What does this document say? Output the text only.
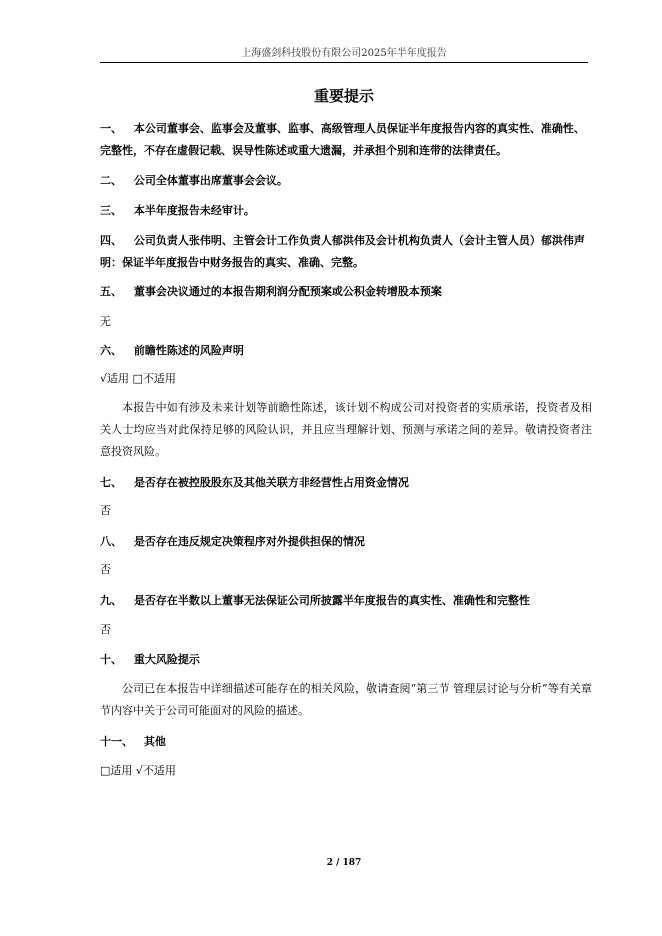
上海盛剑科技股份有限公司2025年半年度报告
重要提示
一、 本公司董事会、监事会及董事、监事、高级管理人员保证半年度报告内容的真实性、准确性、完整性，不存在虚假记载、误导性陈述或重大遗漏，并承担个别和连带的法律责任。
二、 公司全体董事出席董事会会议。
三、 本半年度报告未经审计。
四、 公司负责人张伟明、主管会计工作负责人郁洪伟及会计机构负责人（会计主管人员）郁洪伟声明：保证半年度报告中财务报告的真实、准确、完整。
五、 董事会决议通过的本报告期利润分配预案或公积金转增股本预案
无
六、 前瞻性陈述的风险声明
√适用 □不适用
本报告中如有涉及未来计划等前瞻性陈述，该计划不构成公司对投资者的实质承诺，投资者及相关人士均应当对此保持足够的风险认识，并且应当理解计划、预测与承诺之间的差异。敬请投资者注意投资风险。
七、 是否存在被控股股东及其他关联方非经营性占用资金情况
否
八、 是否存在违反规定决策程序对外提供担保的情况
否
九、 是否存在半数以上董事无法保证公司所披露半年度报告的真实性、准确性和完整性
否
十、 重大风险提示
公司已在本报告中详细描述可能存在的相关风险，敬请查阅“第三节 管理层讨论与分析”等有关章节内容中关于公司可能面对的风险的描述。
十一、 其他
□适用 √不适用
2 / 187
